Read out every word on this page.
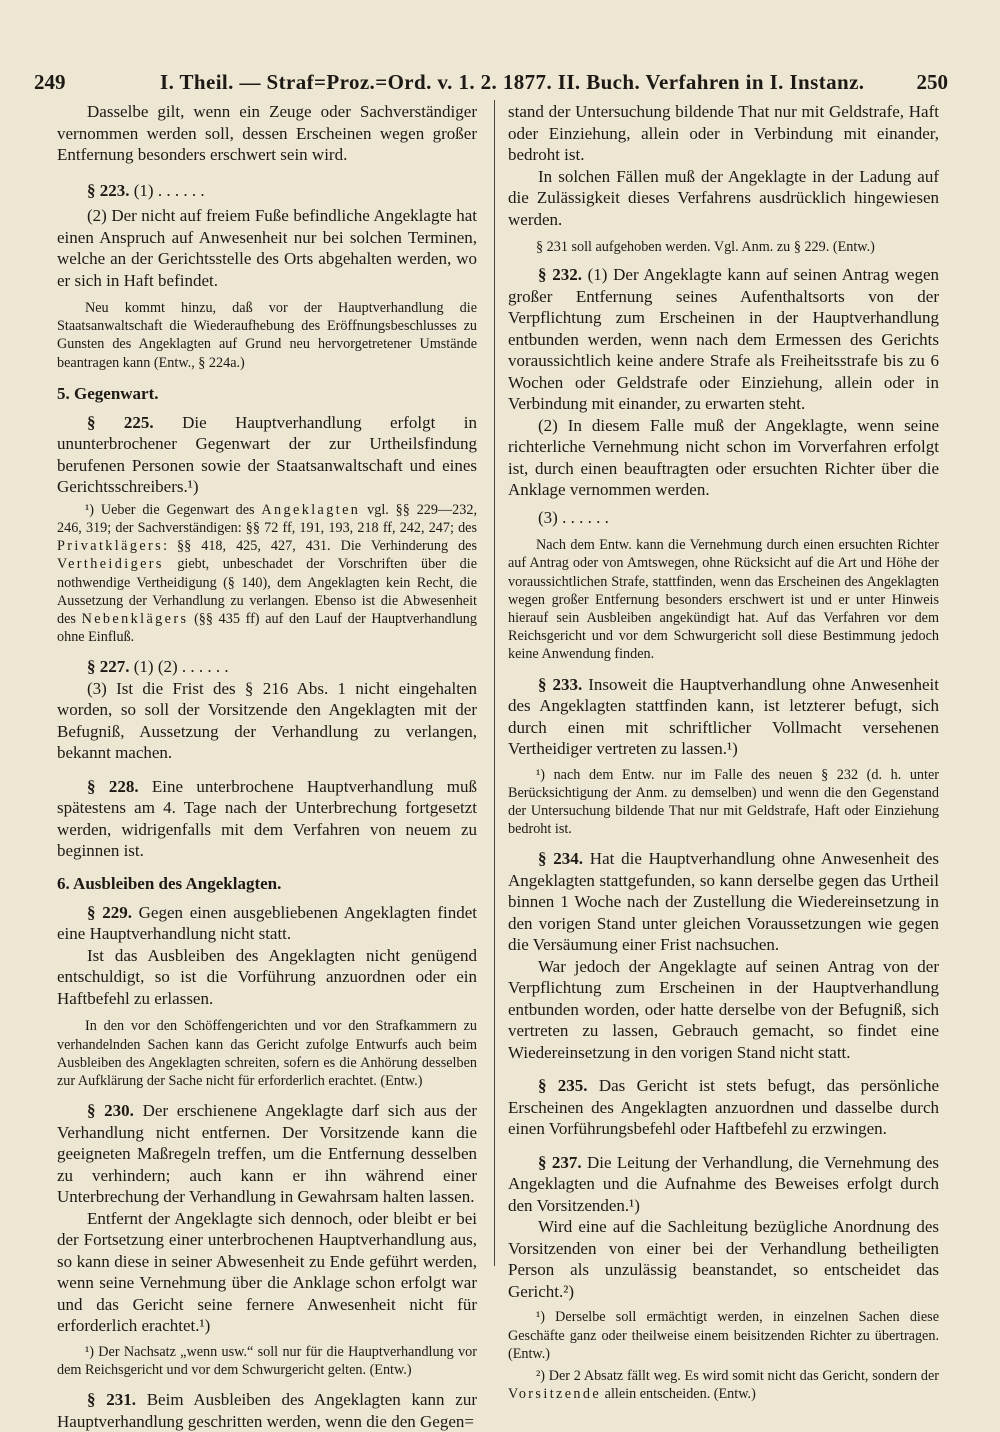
249	I. Theil. — Straf=Proz.=Ord. v. 1. 2. 1877. II. Buch. Verfahren in I. Instanz. 250

Dasselbe gilt, wenn ein Zeuge oder Sachverständiger vernommen werden soll, dessen Erscheinen wegen großer Entfernung besonders erschwert sein wird.

§ 223. (1) . . . . . .

(2) Der nicht auf freiem Fuße befindliche Angeklagte hat einen Anspruch auf Anwesenheit nur bei solchen Terminen, welche an der Gerichtsstelle des Orts abgehalten werden, wo er sich in Haft befindet.

Neu kommt hinzu, daß vor der Hauptverhandlung die Staatsanwaltschaft die Wiederaufhebung des Eröffnungsbeschlusses zu Gunsten des Angeklagten auf Grund neu hervorgetretener Umstände beantragen kann (Entw., § 224a.)

5. Gegenwart.

§ 225. Die Hauptverhandlung erfolgt in ununterbrochener Gegenwart der zur Urtheilsfindung berufenen Personen sowie der Staatsanwaltschaft und eines Gerichtsschreibers.¹)

¹) Ueber die Gegenwart des Angeklagten vgl. §§ 229—232, 246, 319; der Sachverständigen: §§ 72 ff, 191, 193, 218 ff, 242, 247; des Privatklägers: §§ 418, 425, 427, 431. Die Verhinderung des Vertheidigers giebt, unbeschadet der Vorschriften über die nothwendige Vertheidigung (§ 140), dem Angeklagten kein Recht, die Aussetzung der Verhandlung zu verlangen. Ebenso ist die Abwesenheit des Nebenklägers (§§ 435 ff) auf den Lauf der Hauptverhandlung ohne Einfluß.

§ 227. (1) (2) . . . . . .

(3) Ist die Frist des § 216 Abs. 1 nicht eingehalten worden, so soll der Vorsitzende den Angeklagten mit der Befugniß, Aussetzung der Verhandlung zu verlangen, bekannt machen.

§ 228. Eine unterbrochene Hauptverhandlung muß spätestens am 4. Tage nach der Unterbrechung fortgesetzt werden, widrigenfalls mit dem Verfahren von neuem zu beginnen ist.

6. Ausbleiben des Angeklagten.

§ 229. Gegen einen ausgebliebenen Angeklagten findet eine Hauptverhandlung nicht statt.

Ist das Ausbleiben des Angeklagten nicht genügend entschuldigt, so ist die Vorführung anzuordnen oder ein Haftbefehl zu erlassen.

In den vor den Schöffengerichten und vor den Strafkammern zu verhandelnden Sachen kann das Gericht zufolge Entwurfs auch beim Ausbleiben des Angeklagten schreiten, sofern es die Anhörung desselben zur Aufklärung der Sache nicht für erforderlich erachtet. (Entw.)

§ 230. Der erschienene Angeklagte darf sich aus der Verhandlung nicht entfernen. Der Vorsitzende kann die geeigneten Maßregeln treffen, um die Entfernung desselben zu verhindern; auch kann er ihn während einer Unterbrechung der Verhandlung in Gewahrsam halten lassen.

Entfernt der Angeklagte sich dennoch, oder bleibt er bei der Fortsetzung einer unterbrochenen Hauptverhandlung aus, so kann diese in seiner Abwesenheit zu Ende geführt werden, wenn seine Vernehmung über die Anklage schon erfolgt war und das Gericht seine fernere Anwesenheit nicht für erforderlich erachtet.¹)

¹) Der Nachsatz „wenn usw.“ soll nur für die Hauptverhandlung vor dem Reichsgericht und vor dem Schwurgericht gelten. (Entw.)

§ 231. Beim Ausbleiben des Angeklagten kann zur Hauptverhandlung geschritten werden, wenn die den Gegen=

stand der Untersuchung bildende That nur mit Geldstrafe, Haft oder Einziehung, allein oder in Verbindung mit einander, bedroht ist.

In solchen Fällen muß der Angeklagte in der Ladung auf die Zulässigkeit dieses Verfahrens ausdrücklich hingewiesen werden.

§ 231 soll aufgehoben werden. Vgl. Anm. zu § 229. (Entw.)

§ 232. (1) Der Angeklagte kann auf seinen Antrag wegen großer Entfernung seines Aufenthaltsorts von der Verpflichtung zum Erscheinen in der Hauptverhandlung entbunden werden, wenn nach dem Ermessen des Gerichts voraussichtlich keine andere Strafe als Freiheitsstrafe bis zu 6 Wochen oder Geldstrafe oder Einziehung, allein oder in Verbindung mit einander, zu erwarten steht.

(2) In diesem Falle muß der Angeklagte, wenn seine richterliche Vernehmung nicht schon im Vorverfahren erfolgt ist, durch einen beauftragten oder ersuchten Richter über die Anklage vernommen werden.

(3) . . . . . .

Nach dem Entw. kann die Vernehmung durch einen ersuchten Richter auf Antrag oder von Amtswegen, ohne Rücksicht auf die Art und Höhe der voraussichtlichen Strafe, stattfinden, wenn das Erscheinen des Angeklagten wegen großer Entfernung besonders erschwert ist und er unter Hinweis hierauf sein Ausbleiben angekündigt hat. Auf das Verfahren vor dem Reichsgericht und vor dem Schwurgericht soll diese Bestimmung jedoch keine Anwendung finden.

§ 233. Insoweit die Hauptverhandlung ohne Anwesenheit des Angeklagten stattfinden kann, ist letzterer befugt, sich durch einen mit schriftlicher Vollmacht versehenen Vertheidiger vertreten zu lassen.¹)

¹) nach dem Entw. nur im Falle des neuen § 232 (d. h. unter Berücksichtigung der Anm. zu demselben) und wenn die den Gegenstand der Untersuchung bildende That nur mit Geldstrafe, Haft oder Einziehung bedroht ist.

§ 234. Hat die Hauptverhandlung ohne Anwesenheit des Angeklagten stattgefunden, so kann derselbe gegen das Urtheil binnen 1 Woche nach der Zustellung die Wiedereinsetzung in den vorigen Stand unter gleichen Voraussetzungen wie gegen die Versäumung einer Frist nachsuchen.

War jedoch der Angeklagte auf seinen Antrag von der Verpflichtung zum Erscheinen in der Hauptverhandlung entbunden worden, oder hatte derselbe von der Befugniß, sich vertreten zu lassen, Gebrauch gemacht, so findet eine Wiedereinsetzung in den vorigen Stand nicht statt.

§ 235. Das Gericht ist stets befugt, das persönliche Erscheinen des Angeklagten anzuordnen und dasselbe durch einen Vorführungsbefehl oder Haftbefehl zu erzwingen.

§ 237. Die Leitung der Verhandlung, die Vernehmung des Angeklagten und die Aufnahme des Beweises erfolgt durch den Vorsitzenden.¹)

Wird eine auf die Sachleitung bezügliche Anordnung des Vorsitzenden von einer bei der Verhandlung betheiligten Person als unzulässig beanstandet, so entscheidet das Gericht.²)

¹) Derselbe soll ermächtigt werden, in einzelnen Sachen diese Geschäfte ganz oder theilweise einem beisitzenden Richter zu übertragen. (Entw.)

²) Der 2 Absatz fällt weg. Es wird somit nicht das Gericht, sondern der Vorsitzende allein entscheiden. (Entw.)
